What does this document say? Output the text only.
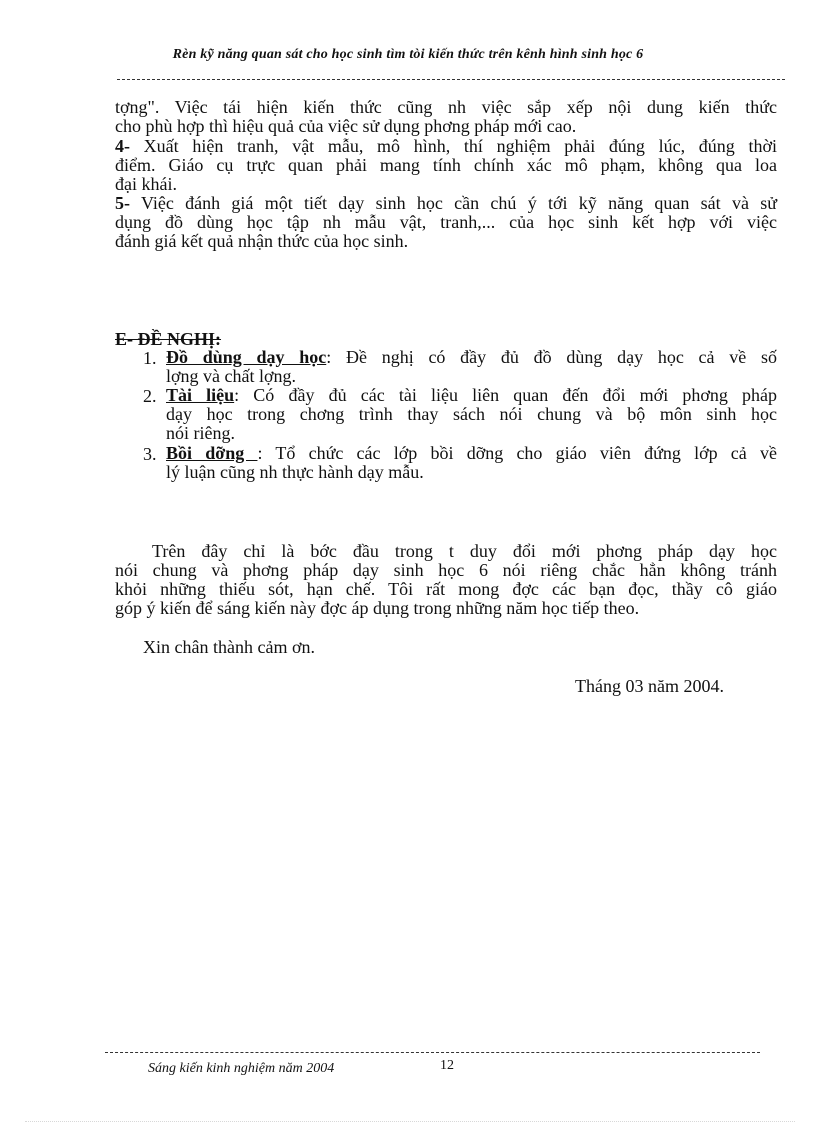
Rèn kỹ năng quan sát cho học sinh tìm tòi kiến thức trên kênh hình sinh học 6
tợng". Việc tái hiện kiến thức cũng nh việc sắp xếp nội dung kiến thức
cho phù hợp thì hiệu quả của việc sử dụng phơng pháp mới cao.
4- Xuất hiện tranh, vật mẫu, mô hình, thí nghiệm phải đúng lúc, đúng thời
điểm. Giáo cụ trực quan phải mang tính chính xác mô phạm, không qua loa
đại khái.
5- Việc đánh giá một tiết dạy sinh học cần chú ý tới kỹ năng quan sát và sử
dụng đồ dùng học tập nh mẫu vật, tranh,... của học sinh kết hợp với việc
đánh giá kết quả nhận thức của học sinh.
E- ĐỀ NGHỊ:
1. Đồ dùng dạy học: Đề nghị có đầy đủ đồ dùng dạy học cả về số
lợng và chất lợng.
2. Tài liệu: Có đầy đủ các tài liệu liên quan đến đổi mới phơng pháp
dạy học trong chơng trình thay sách nói chung và bộ môn sinh học
nói riêng.
3. Bồi dỡng : Tổ chức các lớp bồi dỡng cho giáo viên đứng lớp cả về
lý luận cũng nh thực hành dạy mẫu.
Trên đây chỉ là bớc đầu trong t duy đổi mới phơng pháp dạy học
nói chung và phơng pháp dạy sinh học 6 nói riêng chắc hẳn không tránh
khỏi những thiếu sót, hạn chế. Tôi rất mong đợc các bạn đọc, thầy cô giáo
góp ý kiến để sáng kiến này đợc áp dụng trong những năm học tiếp theo.
Xin chân thành cảm ơn.
Tháng 03 năm 2004.
Sáng kiến kinh nghiệm năm 2004	12
